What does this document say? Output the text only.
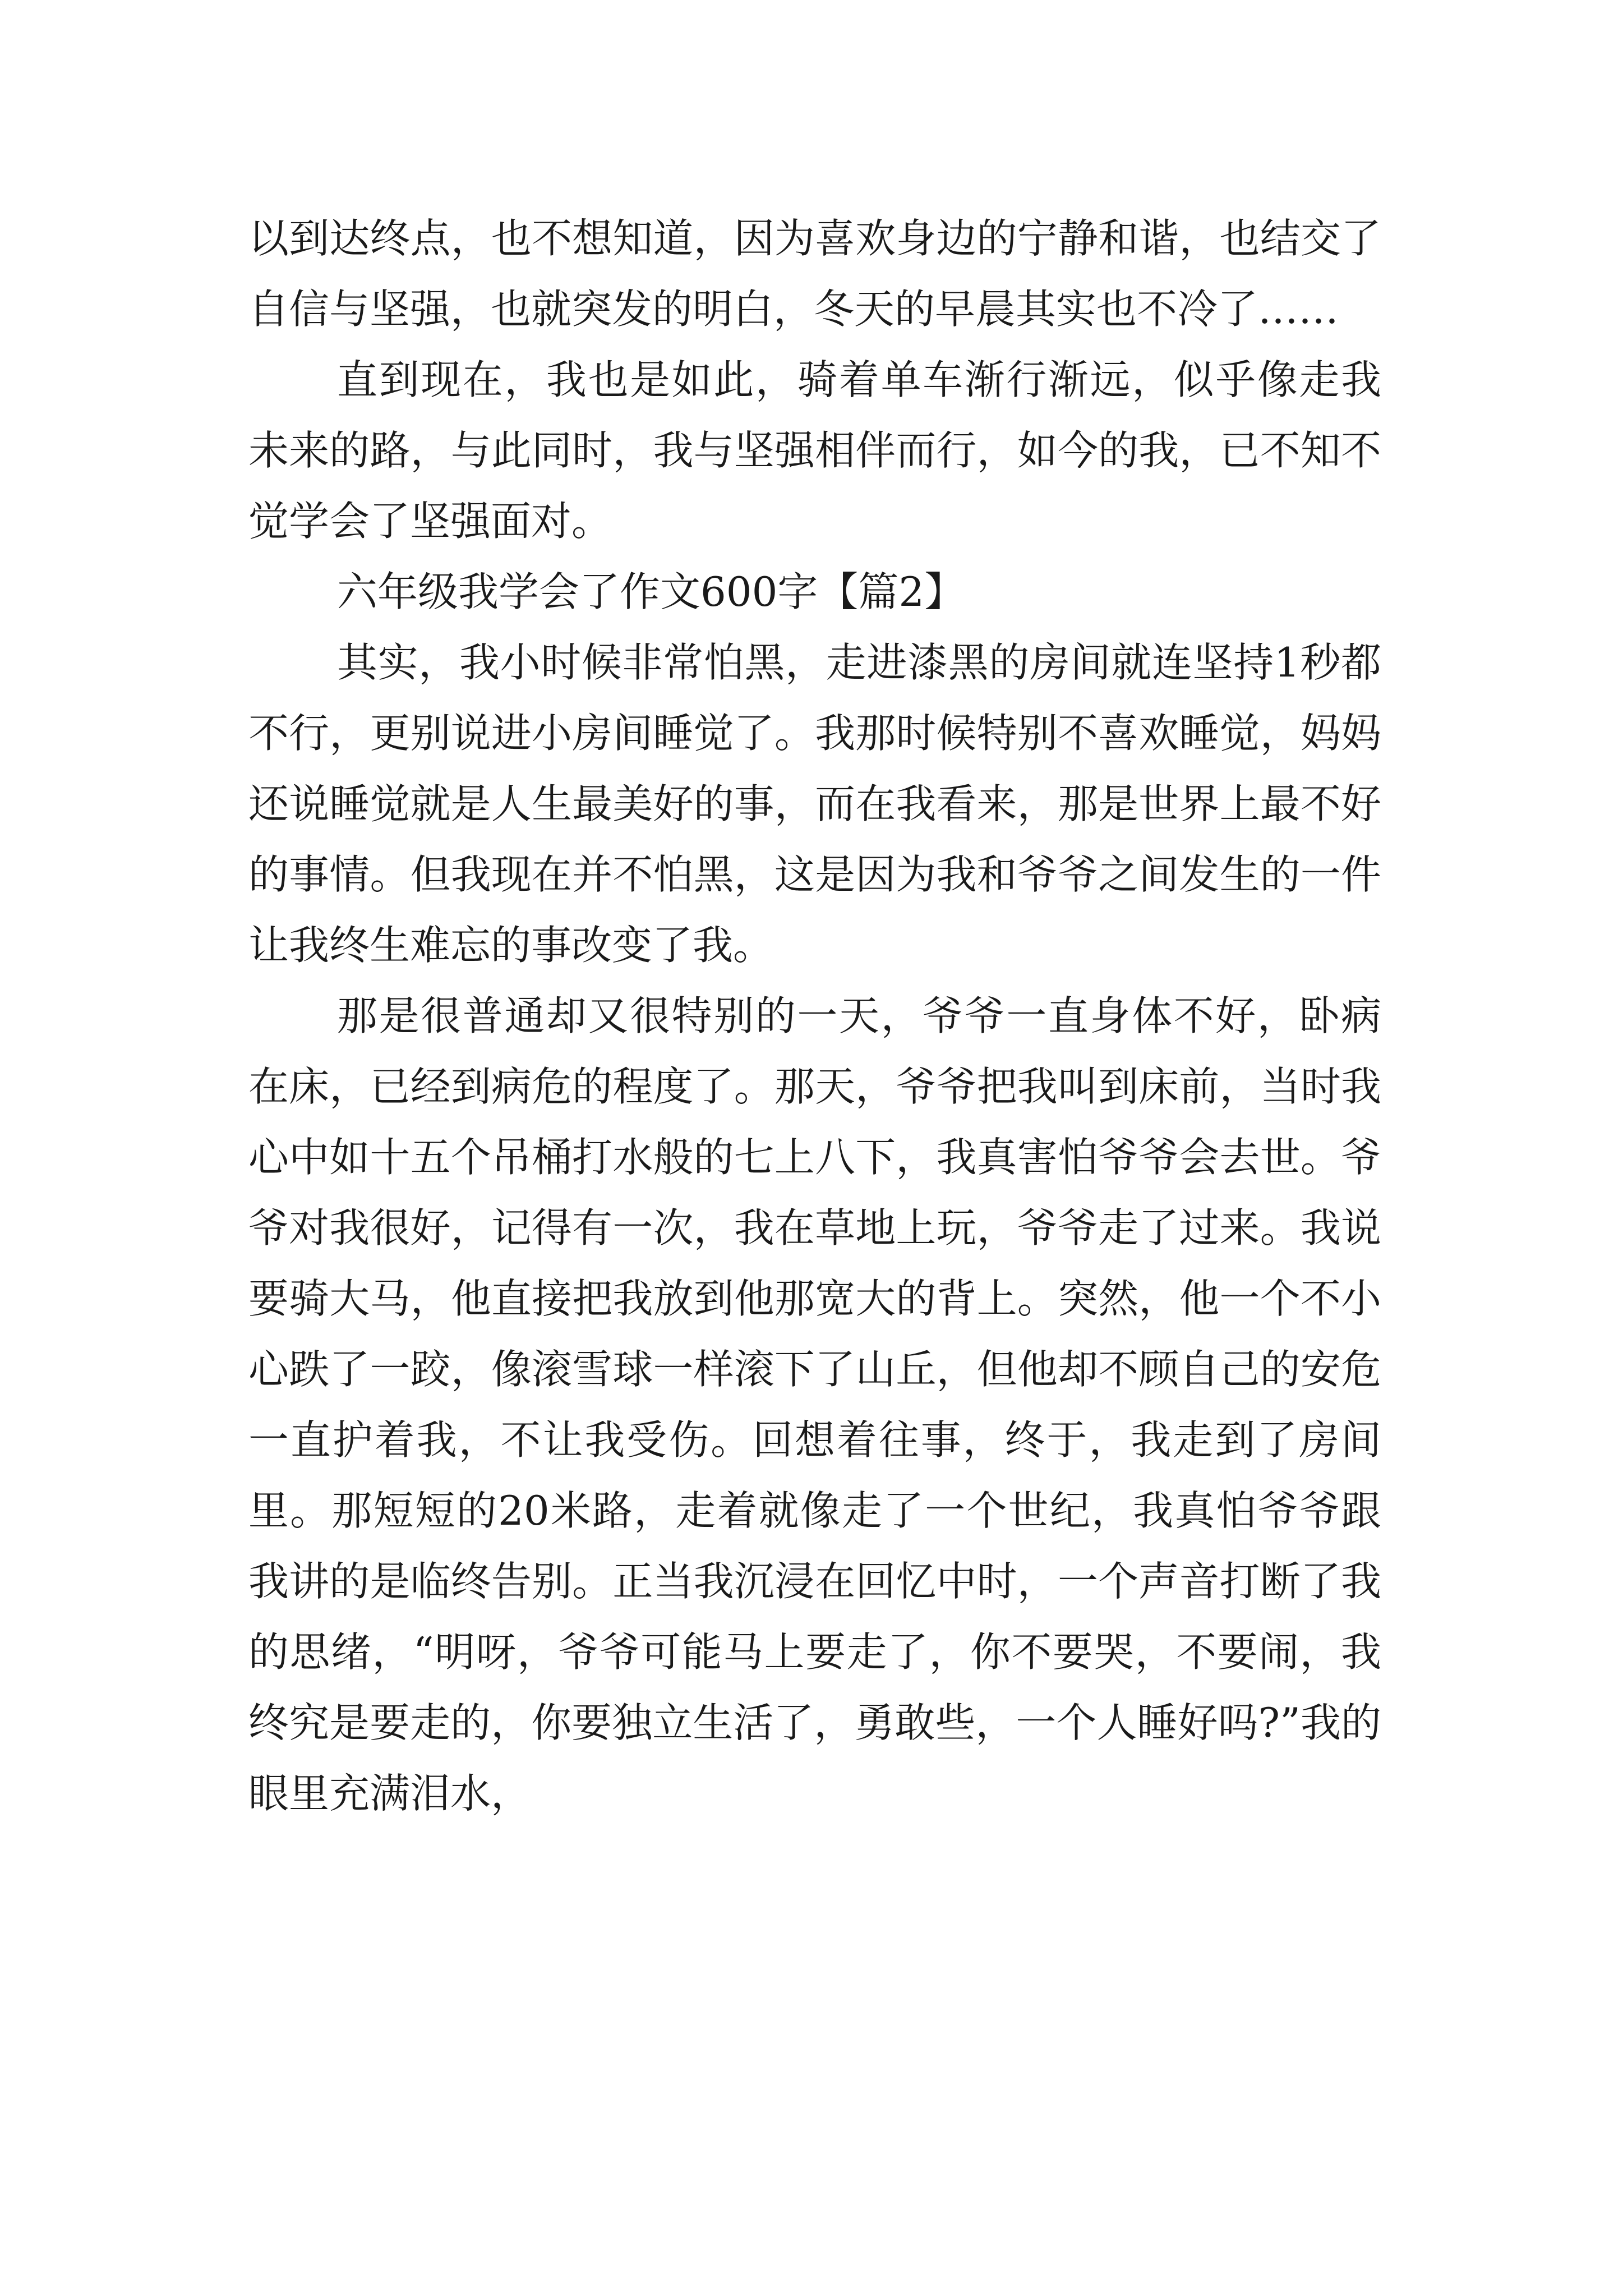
以到达终点，也不想知道，因为喜欢身边的宁静和谐，也结交了自信与坚强，也就突发的明白，冬天的早晨其实也不冷了……

直到现在，我也是如此，骑着单车渐行渐远，似乎像走我未来的路，与此同时，我与坚强相伴而行，如今的我，已不知不觉学会了坚强面对。

六年级我学会了作文600字【篇2】

其实，我小时候非常怕黑，走进漆黑的房间就连坚持1秒都不行，更别说进小房间睡觉了。我那时候特别不喜欢睡觉，妈妈还说睡觉就是人生最美好的事，而在我看来，那是世界上最不好的事情。但我现在并不怕黑，这是因为我和爷爷之间发生的一件让我终生难忘的事改变了我。

那是很普通却又很特别的一天，爷爷一直身体不好，卧病在床，已经到病危的程度了。那天，爷爷把我叫到床前，当时我心中如十五个吊桶打水般的七上八下，我真害怕爷爷会去世。爷爷对我很好，记得有一次，我在草地上玩，爷爷走了过来。我说要骑大马，他直接把我放到他那宽大的背上。突然，他一个不小心跌了一跤，像滚雪球一样滚下了山丘，但他却不顾自己的安危一直护着我，不让我受伤。回想着往事，终于，我走到了房间里。那短短的20米路，走着就像走了一个世纪，我真怕爷爷跟我讲的是临终告别。正当我沉浸在回忆中时，一个声音打断了我的思绪，“明呀，爷爷可能马上要走了，你不要哭，不要闹，我终究是要走的，你要独立生活了，勇敢些，一个人睡好吗?”我的眼里充满泪水，
